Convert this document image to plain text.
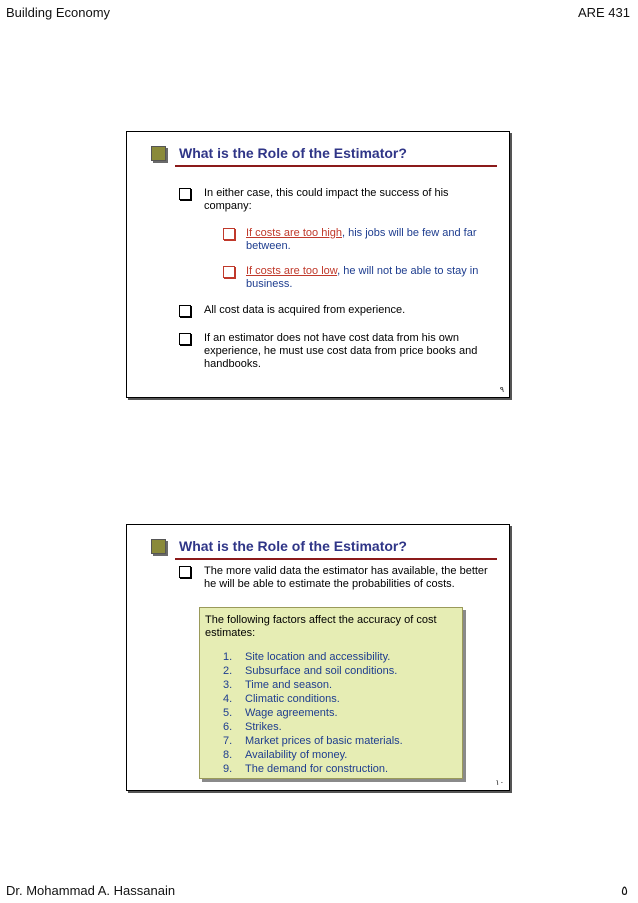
Building Economy	ARE 431
What is the Role of the Estimator?
In either case, this could impact the success of his company:
If costs are too high, his jobs will be few and far between.
If costs are too low, he will not be able to stay in business.
All cost data is acquired from experience.
If an estimator does not have cost data from his own experience, he must use cost data from price books and handbooks.
٩
What is the Role of the Estimator?
The more valid data the estimator has available, the better he will be able to estimate the probabilities of costs.
The following factors affect the accuracy of cost estimates:
1.	Site location and accessibility.
2.	Subsurface and soil conditions.
3.	Time and season.
4.	Climatic conditions.
5.	Wage agreements.
6.	Strikes.
7.	Market prices of basic materials.
8.	Availability of money.
9.	The demand for construction.
١٠
Dr. Mohammad A. Hassanain	٥
